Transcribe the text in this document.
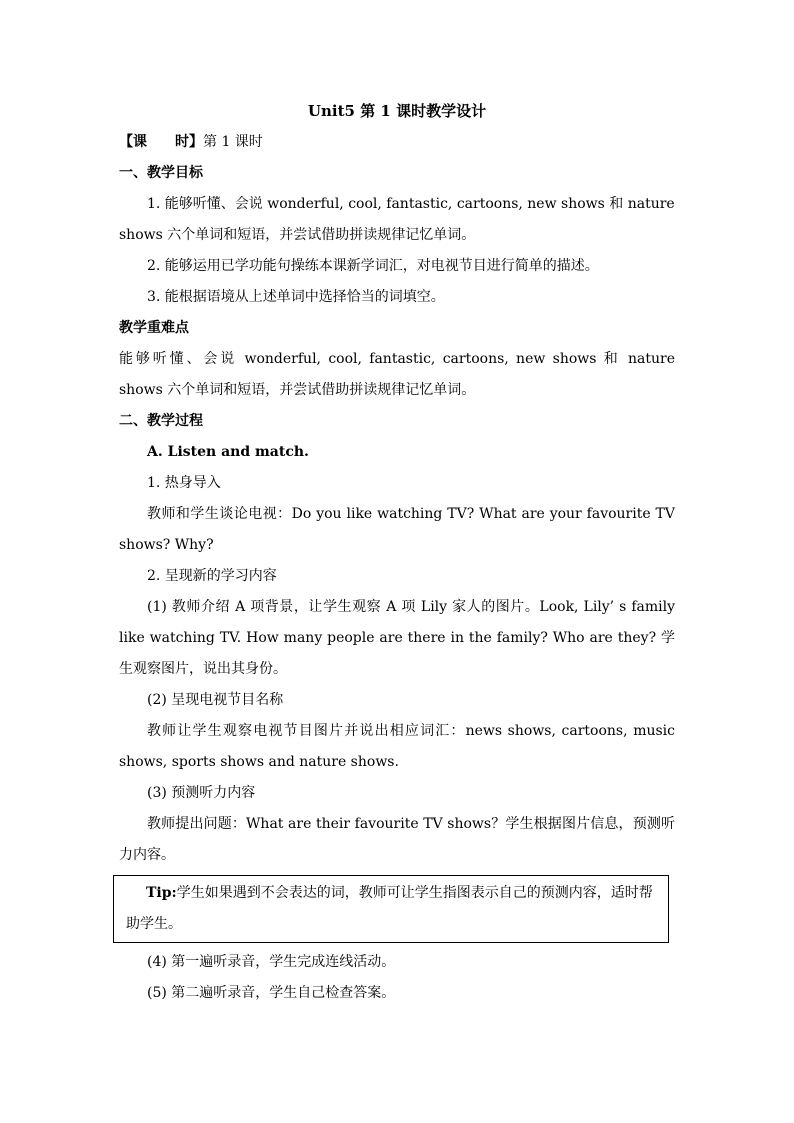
Unit5 第 1 课时教学设计
【课 时】第 1 课时
一、教学目标
1. 能够听懂、会说 wonderful, cool, fantastic, cartoons, new shows 和 nature
shows 六个单词和短语，并尝试借助拼读规律记忆单词。
2. 能够运用已学功能句操练本课新学词汇，对电视节目进行简单的描述。
3. 能根据语境从上述单词中选择恰当的词填空。
教学重难点
能够听懂、会说 wonderful, cool, fantastic, cartoons, new shows 和 nature shows 六个单词和短语，并尝试借助拼读规律记忆单词。
二、教学过程
A. Listen and match.
1. 热身导入
教师和学生谈论电视：Do you like watching TV? What are your favourite TV shows? Why?
2. 呈现新的学习内容
(1) 教师介绍 A 项背景，让学生观察 A 项 Lily 家人的图片。Look, Lily’ s family like watching TV. How many people are there in the family? Who are they? 学生观察图片，说出其身份。
(2) 呈现电视节目名称
教师让学生观察电视节目图片并说出相应词汇：news shows, cartoons, music shows, sports shows and nature shows.
(3) 预测听力内容
教师提出问题：What are their favourite TV shows？学生根据图片信息，预测听力内容。
Tip:学生如果遇到不会表达的词，教师可让学生指图表示自己的预测内容，适时帮助学生。
(4) 第一遍听录音，学生完成连线活动。
(5) 第二遍听录音，学生自己检查答案。
